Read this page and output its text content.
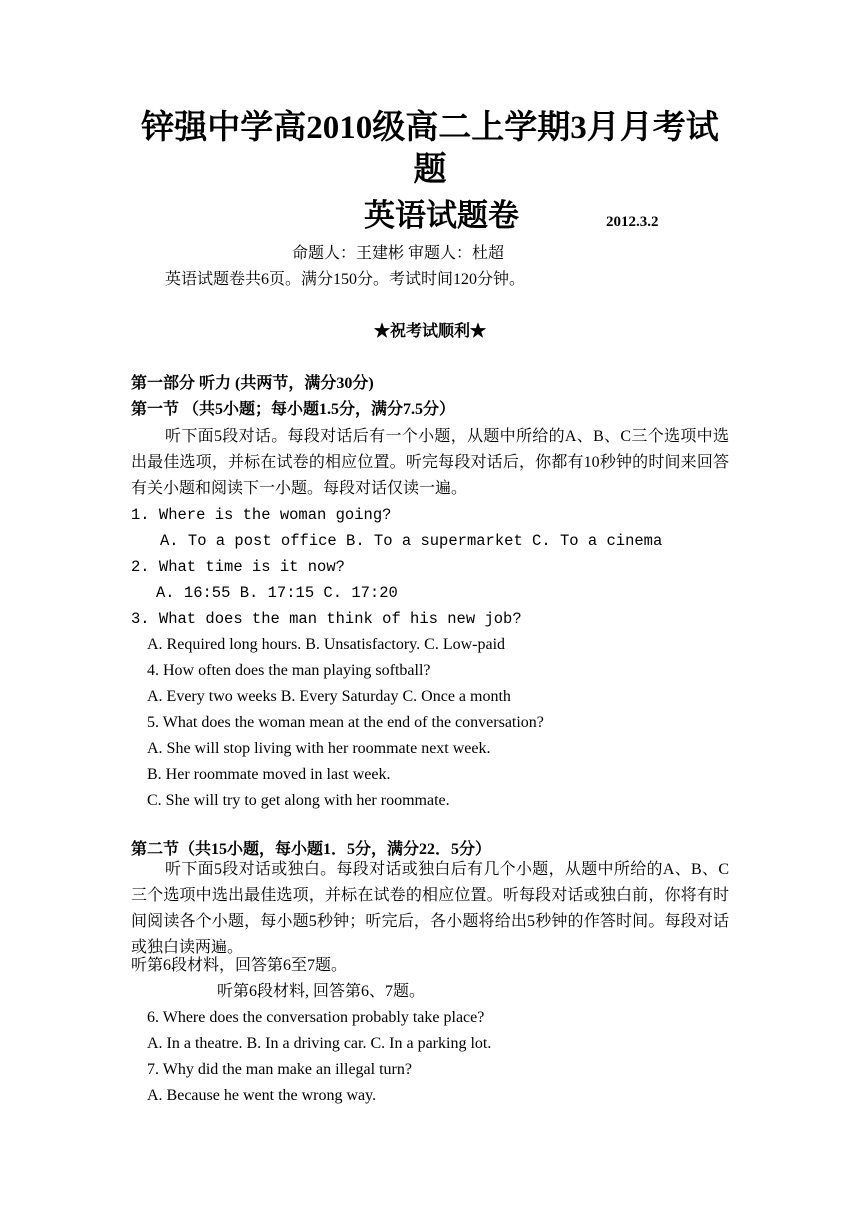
锌强中学高2010级高二上学期3月月考试
题
英语试题卷	2012.3.2
命题人：王建彬 审题人：杜超
英语试题卷共6页。满分150分。考试时间120分钟。
★祝考试顺利★
第一部分 听力 (共两节，满分30分)
第一节 （共5小题；每小题1.5分，满分7.5分）
听下面5段对话。每段对话后有一个小题，从题中所给的A、B、C三个选项中选出最佳选项，并标在试卷的相应位置。听完每段对话后，你都有10秒钟的时间来回答有关小题和阅读下一小题。每段对话仅读一遍。
1. Where is the woman going?
A. To a post office B. To a supermarket C. To a cinema
2. What time is it now?
A. 16:55 B. 17:15 C. 17:20
3. What does the man think of his new job?
A. Required long hours. B. Unsatisfactory. C. Low-paid
4. How often does the man playing softball?
A. Every two weeks B. Every Saturday C. Once a month
5. What does the woman mean at the end of the conversation?
A. She will stop living with her roommate next week.
B. Her roommate moved in last week.
C. She will try to get along with her roommate.
第二节（共15小题，每小题1．5分，满分22．5分）
听下面5段对话或独白。每段对话或独白后有几个小题，从题中所给的A、B、C三个选项中选出最佳选项，并标在试卷的相应位置。听每段对话或独白前，你将有时间阅读各个小题，每小题5秒钟；听完后，各小题将给出5秒钟的作答时间。每段对话或独白读两遍。
听第6段材料，回答第6至7题。
听第6段材料, 回答第6、7题。
6. Where does the conversation probably take place?
A. In a theatre. B. In a driving car. C. In a parking lot.
7. Why did the man make an illegal turn?
A. Because he went the wrong way.
